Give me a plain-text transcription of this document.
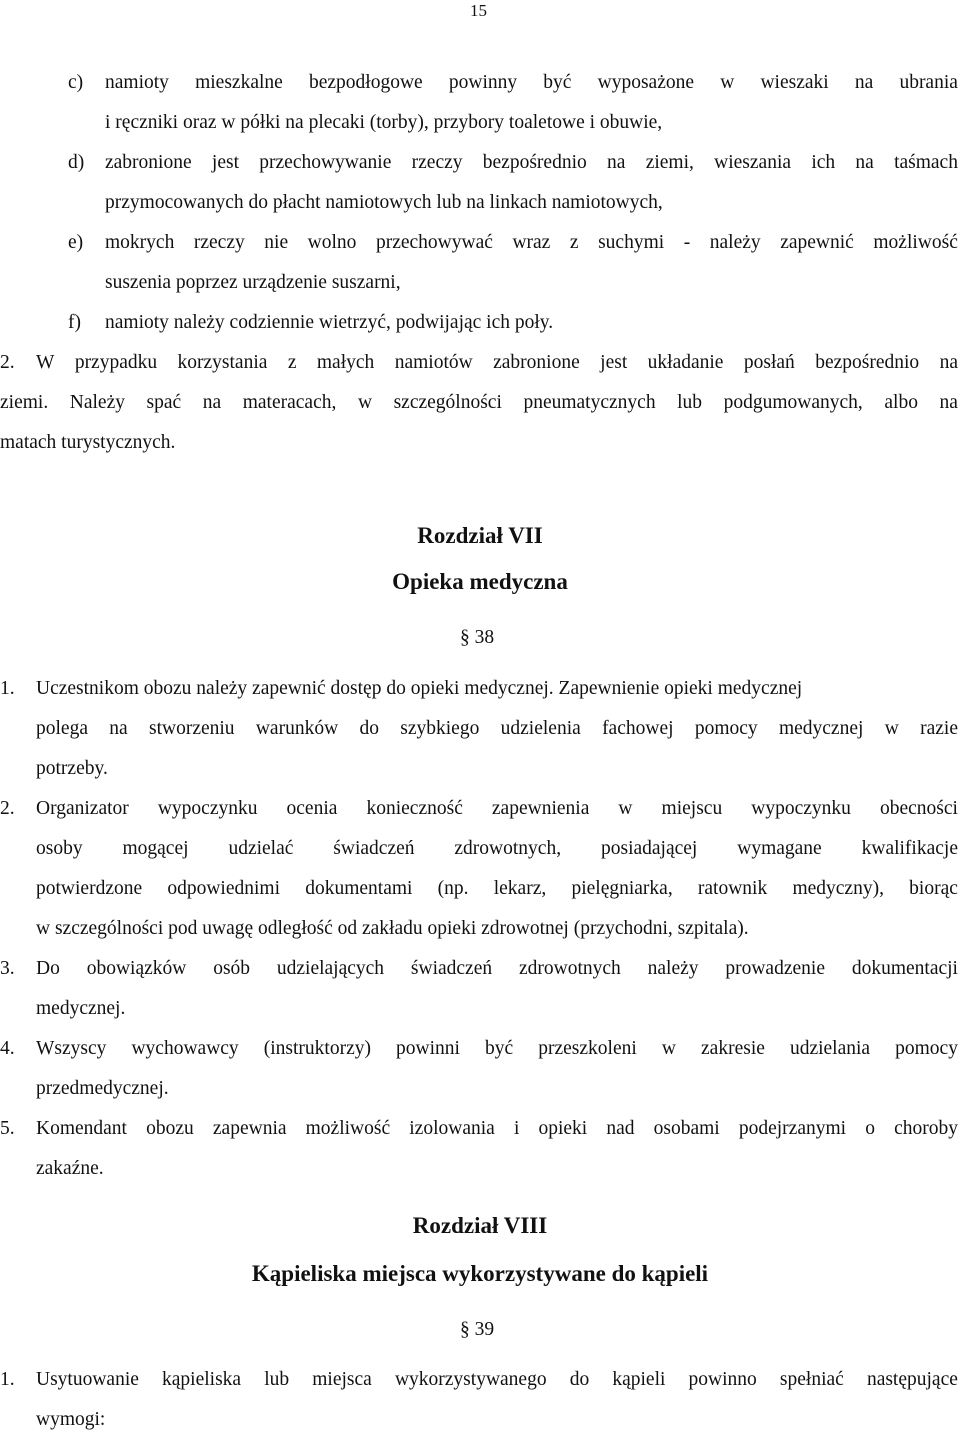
15
c) namioty mieszkalne bezpodłogowe powinny być wyposażone w wieszaki na ubrania
i ręczniki oraz w półki na plecaki (torby), przybory toaletowe i obuwie,
d) zabronione jest przechowywanie rzeczy bezpośrednio na ziemi, wieszania ich na taśmach
przymocowanych do płacht namiotowych lub na linkach namiotowych,
e) mokrych rzeczy nie wolno przechowywać wraz z suchymi - należy zapewnić możliwość
suszenia poprzez urządzenie suszarni,
f) namioty należy codziennie wietrzyć, podwijając ich poły.
2. W przypadku korzystania z małych namiotów zabronione jest układanie posłań bezpośrednio na
ziemi. Należy spać na materacach, w szczególności pneumatycznych lub podgumowanych, albo na
matach turystycznych.
Rozdział VII
Opieka medyczna
§ 38
1. Uczestnikom obozu należy zapewnić dostęp do opieki medycznej. Zapewnienie opieki medycznej
polega na stworzeniu warunków do szybkiego udzielenia fachowej pomocy medycznej w razie
potrzeby.
2. Organizator wypoczynku ocenia konieczność zapewnienia w miejscu wypoczynku obecności
osoby mogącej udzielać świadczeń zdrowotnych, posiadającej wymagane kwalifikacje
potwierdzone odpowiednimi dokumentami (np. lekarz, pielęgniarka, ratownik medyczny), biorąc
w szczególności pod uwagę odległość od zakładu opieki zdrowotnej (przychodni, szpitala).
3. Do obowiązków osób udzielających świadczeń zdrowotnych należy prowadzenie dokumentacji
medycznej.
4. Wszyscy wychowawcy (instruktorzy) powinni być przeszkoleni w zakresie udzielania pomocy
przedmedycznej.
5. Komendant obozu zapewnia możliwość izolowania i opieki nad osobami podejrzanymi o choroby
zakaźne.
Rozdział VIII
Kąpieliska miejsca wykorzystywane do kąpieli
§ 39
1. Usytuowanie kąpieliska lub miejsca wykorzystywanego do kąpieli powinno spełniać następujące
wymogi:
